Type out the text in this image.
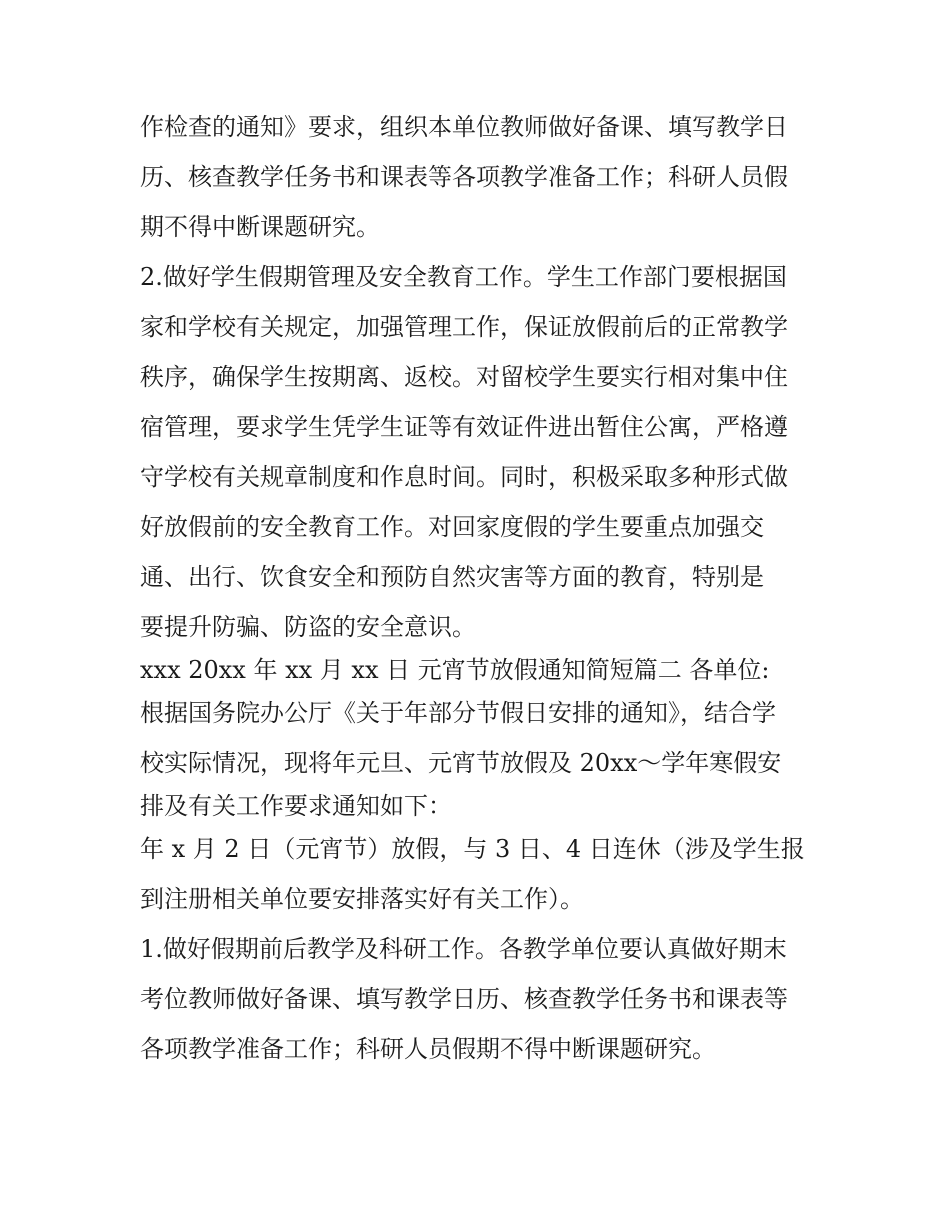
作检查的通知》要求，组织本单位教师做好备课、填写教学日
历、核查教学任务书和课表等各项教学准备工作；科研人员假
期不得中断课题研究。
2.做好学生假期管理及安全教育工作。学生工作部门要根据国
家和学校有关规定，加强管理工作，保证放假前后的正常教学
秩序，确保学生按期离、返校。对留校学生要实行相对集中住
宿管理，要求学生凭学生证等有效证件进出暂住公寓，严格遵
守学校有关规章制度和作息时间。同时，积极采取多种形式做
好放假前的安全教育工作。对回家度假的学生要重点加强交
通、出行、饮食安全和预防自然灾害等方面的教育，特别是
要提升防骗、防盗的安全意识。
xxx 20xx 年 xx 月 xx 日 元宵节放假通知简短篇二 各单位:
根据国务院办公厅《关于年部分节假日安排的通知》，结合学
校实际情况，现将年元旦、元宵节放假及 20xx～学年寒假安
排及有关工作要求通知如下：
年 x 月 2 日（元宵节）放假，与 3 日、4 日连休（涉及学生报
到注册相关单位要安排落实好有关工作）。
1.做好假期前后教学及科研工作。各教学单位要认真做好期末
考位教师做好备课、填写教学日历、核查教学任务书和课表等
各项教学准备工作；科研人员假期不得中断课题研究。
